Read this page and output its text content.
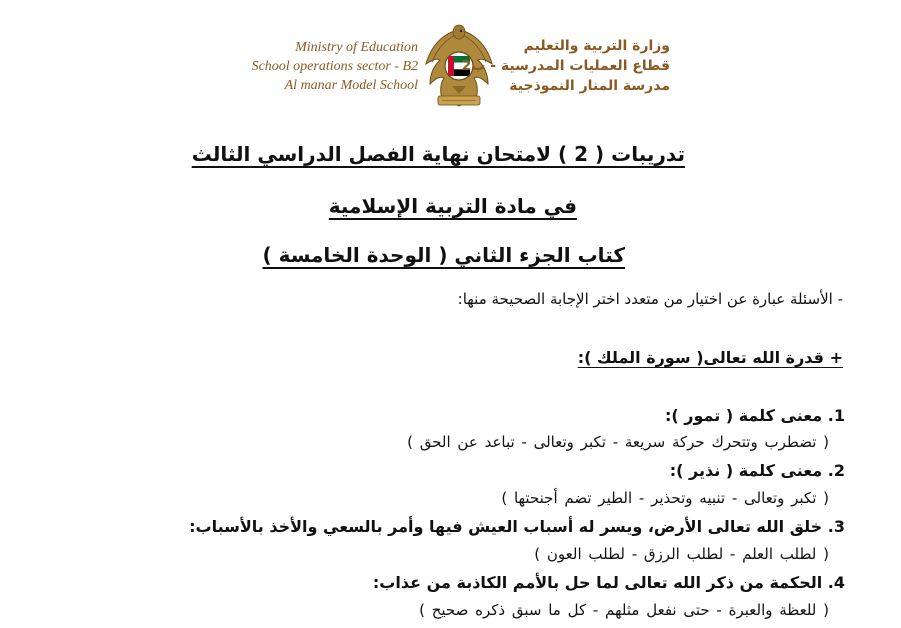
Ministry of Education
School operations sector - B2
Al manar Model School
وزارة التربية والتعليم
قطاع العمليات المدرسية - ب2
مدرسة المنار النموذجية
تدريبات ( 2 ) لامتحان نهاية الفصل الدراسي الثالث
في مادة التربية الإسلامية
كتاب الجزء الثاني ( الوحدة الخامسة )
- الأسئلة عبارة عن اختيار من متعدد اختر الإجابة الصحيحة منها:
+ قدرة الله تعالى( سورة الملك ):
1. معنى كلمة ( تمور ):
( تضطرب وتتحرك حركة سريعة - تكبر وتعالى - تباعد عن الحق )
2. معنى كلمة ( نذير ):
( تكبر وتعالى - تنبيه وتحذير - الطير تضم أجنحتها )
3. خلق الله تعالى الأرض، ويسر له أسباب العيش فيها وأمر بالسعي والأخذ بالأسباب:
( لطلب العلم - لطلب الرزق - لطلب العون )
4. الحكمة من ذكر الله تعالى لما حل بالأمم الكاذبة من عذاب:
( للعظة والعبرة - حتى نفعل مثلهم - كل ما سبق ذكره صحيح )
